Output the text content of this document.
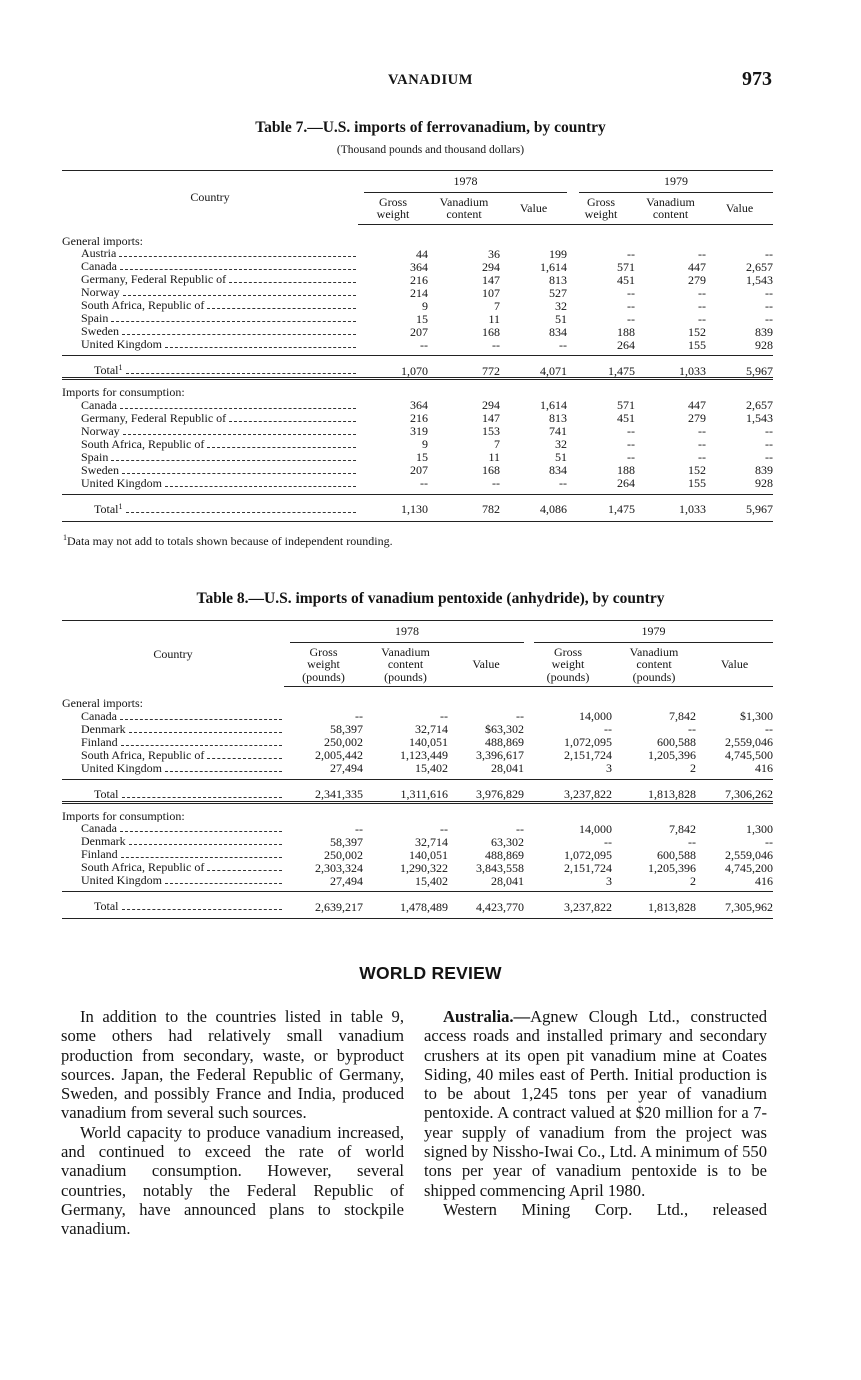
VANADIUM	973
Table 7.—U.S. imports of ferrovanadium, by country
(Thousand pounds and thousand dollars)
Country	1978			1979		

	Gross weight	Vanadium content	Value	Gross weight	Vanadium content	Value

General imports:						

Austria	44	36	199	--	--	--

Canada	364	294	1,614	571	447	2,657

Germany, Federal Republic of	216	147	813	451	279	1,543

Norway	214	107	527	--	--	--

South Africa, Republic of	9	7	32	--	--	--

Spain	15	11	51	--	--	--

Sweden	207	168	834	188	152	839

United Kingdom	--	--	--	264	155	928

Total$^1$	1,070	772	4,071	1,475	1,033	5,967

Imports for consumption:						

Canada	364	294	1,614	571	447	2,657

Germany, Federal Republic of	216	147	813	451	279	1,543

Norway	319	153	741	--	--	--

South Africa, Republic of	9	7	32	--	--	--

Spain	15	11	51	--	--	--

Sweden	207	168	834	188	152	839

United Kingdom	--	--	--	264	155	928

Total$^1$	1,130	782	4,086	1,475	1,033	5,967
$^1$Data may not add to totals shown because of independent rounding.
Table 8.—U.S. imports of vanadium pentoxide (anhydride), by country
Country	1978			1979		

	Gross weight (pounds)	Vanadium content (pounds)	Value	Gross weight (pounds)	Vanadium content (pounds)	Value

General imports:						

Canada	--	--	--	14,000	7,842	$1,300

Denmark	58,397	32,714	$63,302	--	--	--

Finland	250,002	140,051	488,869	1,072,095	600,588	2,559,046

South Africa, Republic of	2,005,442	1,123,449	3,396,617	2,151,724	1,205,396	4,745,500

United Kingdom	27,494	15,402	28,041	3	2	416

Total	2,341,335	1,311,616	3,976,829	3,237,822	1,813,828	7,306,262

Imports for consumption:						

Canada	--	--	--	14,000	7,842	1,300

Denmark	58,397	32,714	63,302	--	--	--

Finland	250,002	140,051	488,869	1,072,095	600,588	2,559,046

South Africa, Republic of	2,303,324	1,290,322	3,843,558	2,151,724	1,205,396	4,745,200

United Kingdom	27,494	15,402	28,041	3	2	416

Total	2,639,217	1,478,489	4,423,770	3,237,822	1,813,828	7,305,962
WORLD REVIEW

In addition to the countries listed in table 9, some others had relatively small vanadium production from secondary, waste, or byproduct sources. Japan, the Federal Republic of Germany, Sweden, and possibly France and India, produced vanadium from several such sources.

World capacity to produce vanadium increased, and continued to exceed the rate of world vanadium consumption. However, several countries, notably the Federal Republic of Germany, have announced plans to stockpile vanadium.

Australia.—Agnew Clough Ltd., constructed access roads and installed primary and secondary crushers at its open pit vanadium mine at Coates Siding, 40 miles east of Perth. Initial production is to be about 1,245 tons per year of vanadium pentoxide. A contract valued at $20 million for a 7-year supply of vanadium from the project was signed by Nissho-Iwai Co., Ltd. A minimum of 550 tons per year of vanadium pentoxide is to be shipped commencing April 1980.

Western Mining Corp. Ltd., released
